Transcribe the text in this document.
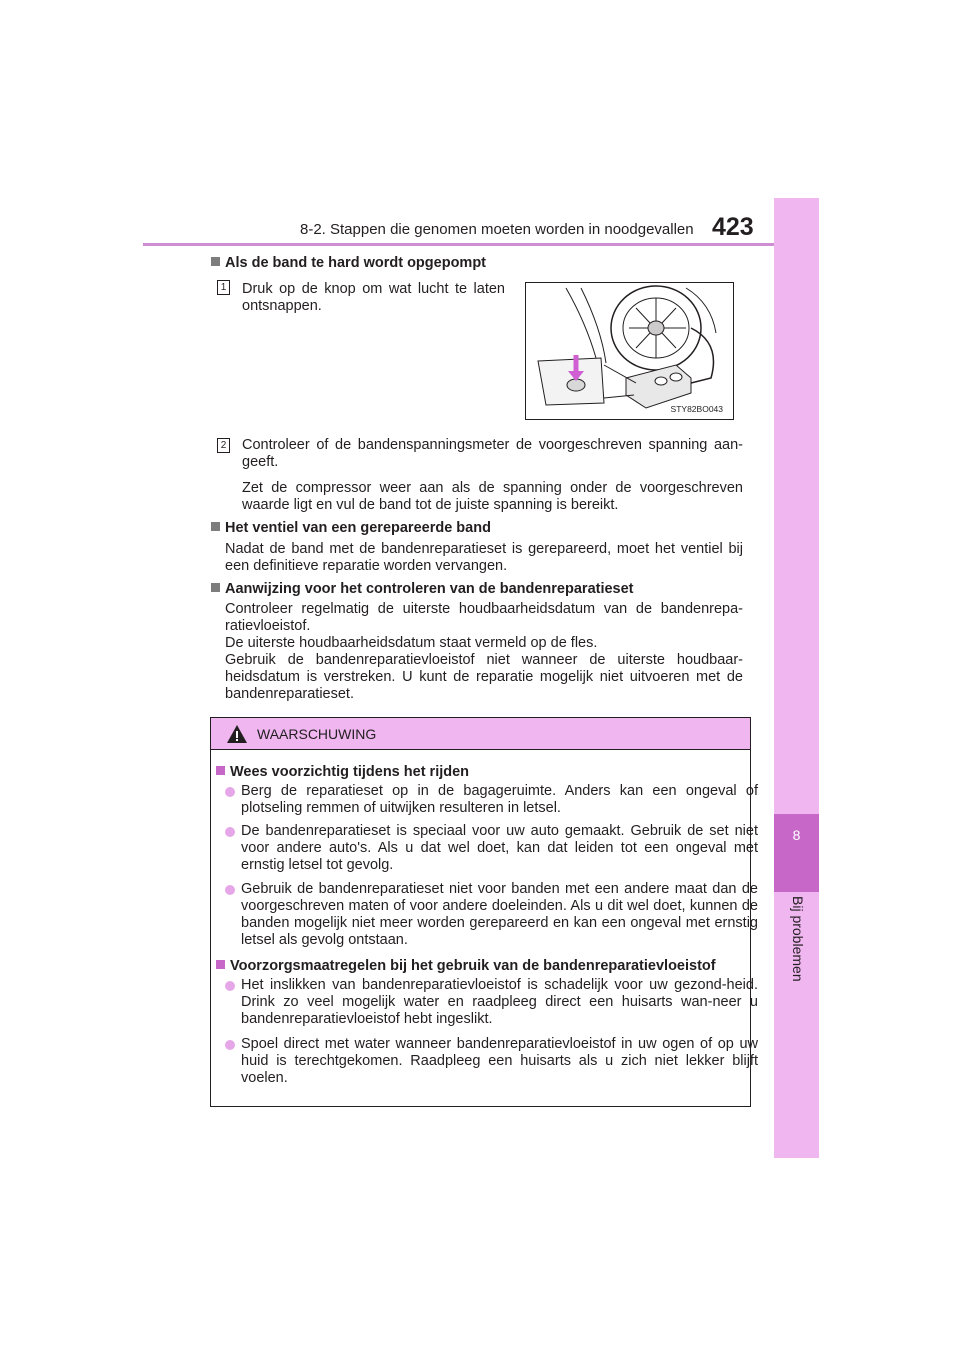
8-2. Stappen die genomen moeten worden in noodgevallen 423
8
Bij problemen
Als de band te hard wordt opgepompt
1 Druk op de knop om wat lucht te laten ontsnappen.
STY82BO043
2 Controleer of de bandenspanningsmeter de voorgeschreven spanning aan-geeft.
Zet de compressor weer aan als de spanning onder de voorgeschreven waarde ligt en vul de band tot de juiste spanning is bereikt.
Het ventiel van een gerepareerde band
Nadat de band met de bandenreparatieset is gerepareerd, moet het ventiel bij een definitieve reparatie worden vervangen.
Aanwijzing voor het controleren van de bandenreparatieset
Controleer regelmatig de uiterste houdbaarheidsdatum van de bandenrepa-ratievloeistof.
De uiterste houdbaarheidsdatum staat vermeld op de fles.
Gebruik de bandenreparatievloeistof niet wanneer de uiterste houdbaar-heidsdatum is verstreken. U kunt de reparatie mogelijk niet uitvoeren met de bandenreparatieset.
WAARSCHUWING
Wees voorzichtig tijdens het rijden
Berg de reparatieset op in de bagageruimte. Anders kan een ongeval of plotseling remmen of uitwijken resulteren in letsel.
De bandenreparatieset is speciaal voor uw auto gemaakt. Gebruik de set niet voor andere auto's. Als u dat wel doet, kan dat leiden tot een ongeval met ernstig letsel tot gevolg.
Gebruik de bandenreparatieset niet voor banden met een andere maat dan de voorgeschreven maten of voor andere doeleinden. Als u dit wel doet, kunnen de banden mogelijk niet meer worden gerepareerd en kan een ongeval met ernstig letsel als gevolg ontstaan.
Voorzorgsmaatregelen bij het gebruik van de bandenreparatievloeistof
Het inslikken van bandenreparatievloeistof is schadelijk voor uw gezond-heid. Drink zo veel mogelijk water en raadpleeg direct een huisarts wan-neer u bandenreparatievloeistof hebt ingeslikt.
Spoel direct met water wanneer bandenreparatievloeistof in uw ogen of op uw huid is terechtgekomen. Raadpleeg een huisarts als u zich niet lekker blijft voelen.
